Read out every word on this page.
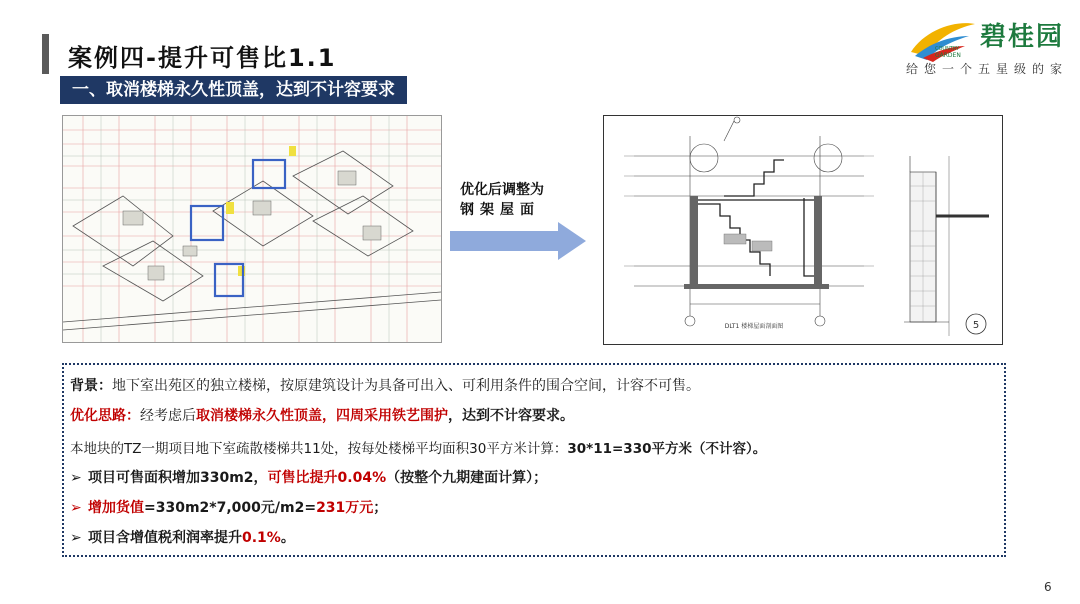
案例四-提升可售比1.1
一、取消楼梯永久性顶盖，达到不计容要求
COUNTRY
GARDEN
碧桂园
给您一个五星级的家
优化后调整为
钢架屋面
DLT1 楼梯屋面剖面图	5
背景：地下室出苑区的独立楼梯，按原建筑设计为具备可出入、可利用条件的围合空间，计容不可售。
优化思路：经考虑后取消楼梯永久性顶盖，四周采用铁艺围护，达到不计容要求。
本地块的TZ一期项目地下室疏散楼梯共11处，按每处楼梯平均面积30平方米计算：30*11=330平方米（不计容）。
➢ 项目可售面积增加330m2，可售比提升0.04%（按整个九期建面计算）；
➢ 增加货值=330m2*7,000元/m2=231万元；
➢ 项目含增值税利润率提升0.1%。
6
